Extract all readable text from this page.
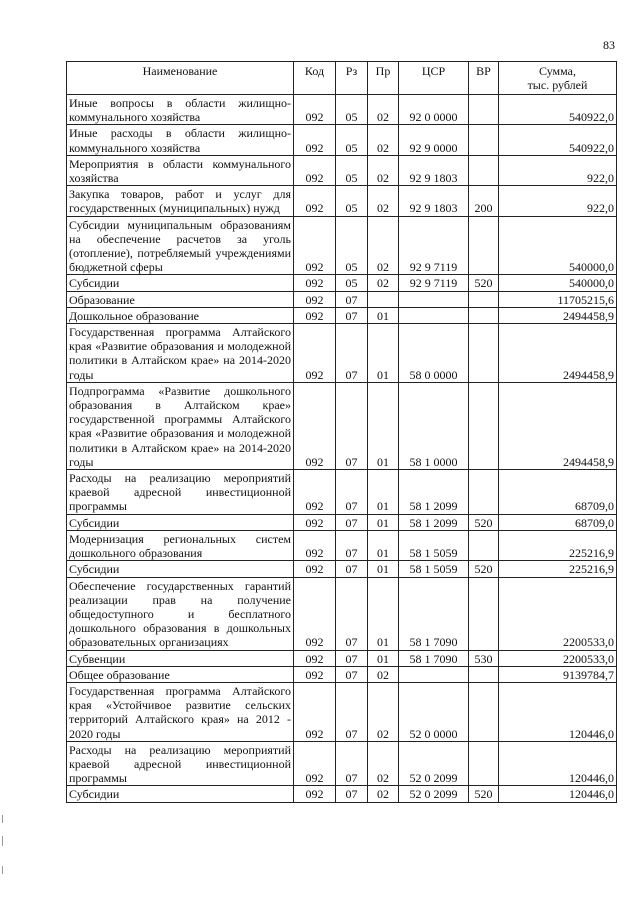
83
Наименование	Код	Рз	Пр	ЦСР	ВР	Сумма,
тыс. рублей
Иные вопросы в области жилищно-коммунального хозяйства	092	05	02	92 0 0000		540922,0
Иные расходы в области жилищно-коммунального хозяйства	092	05	02	92 9 0000		540922,0
Мероприятия в области коммунального хозяйства	092	05	02	92 9 1803		922,0
Закупка товаров, работ и услуг для государственных (муниципальных) нужд	092	05	02	92 9 1803	200	922,0
Субсидии муниципальным образованиям на обеспечение расчетов за уголь (отопление), потребляемый учреждениями бюджетной сферы	092	05	02	92 9 7119		540000,0
Субсидии	092	05	02	92 9 7119	520	540000,0
Образование	092	07				11705215,6
Дошкольное образование	092	07	01			2494458,9
Государственная программа Алтайского края «Развитие образования и молодежной политики в Алтайском крае» на 2014-2020 годы	092	07	01	58 0 0000		2494458,9
Подпрограмма «Развитие дошкольного образования в Алтайском крае» государственной программы Алтайского края «Развитие образования и молодежной политики в Алтайском крае» на 2014-2020 годы	092	07	01	58 1 0000		2494458,9
Расходы на реализацию мероприятий краевой адресной инвестиционной программы	092	07	01	58 1 2099		68709,0
Субсидии	092	07	01	58 1 2099	520	68709,0
Модернизация региональных систем дошкольного образования	092	07	01	58 1 5059		225216,9
Субсидии	092	07	01	58 1 5059	520	225216,9
Обеспечение государственных гарантий реализации прав на получение общедоступного и бесплатного дошкольного образования в дошкольных образовательных организациях	092	07	01	58 1 7090		2200533,0
Субвенции	092	07	01	58 1 7090	530	2200533,0
Общее образование	092	07	02			9139784,7
Государственная программа Алтайского края «Устойчивое развитие сельских территорий Алтайского края» на 2012 - 2020 годы	092	07	02	52 0 0000		120446,0
Расходы на реализацию мероприятий краевой адресной инвестиционной программы	092	07	02	52 0 2099		120446,0
Субсидии	092	07	02	52 0 2099	520	120446,0
